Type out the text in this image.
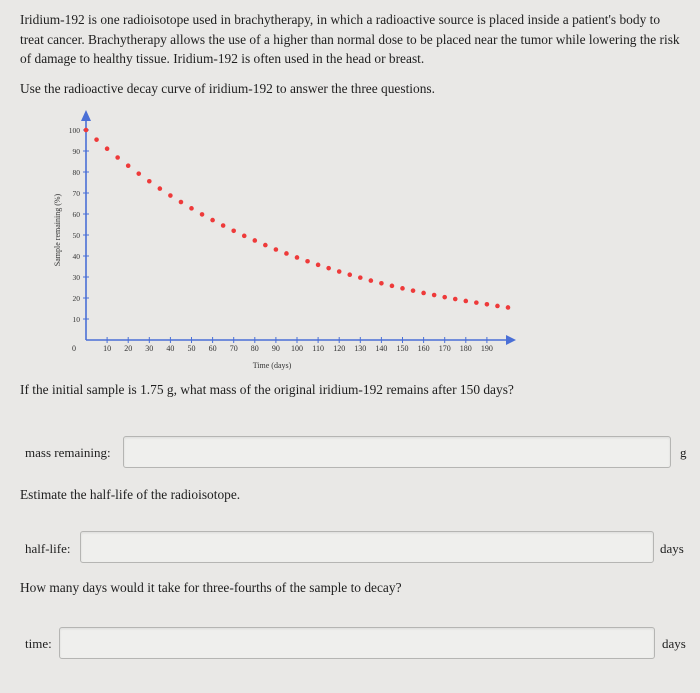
Iridium-192 is one radioisotope used in brachytherapy, in which a radioactive source is placed inside a patient's body to treat cancer. Brachytherapy allows the use of a higher than normal dose to be placed near the tumor while lowering the risk of damage to healthy tissue. Iridium-192 is often used in the head or breast.

Use the radioactive decay curve of iridium-192 to answer the three questions.

Sample remaining (%)
Time (days)
0	10 20 30 40 50 60 70 80 90 100 110 120 130 140 150 160 170 180 190
10
20
30
40
50
60
70
80
90
100

If the initial sample is 1.75 g, what mass of the original iridium-192 remains after 150 days?

mass remaining:	g

Estimate the half-life of the radioisotope.

half-life:	days

How many days would it take for three-fourths of the sample to decay?

time:	days
